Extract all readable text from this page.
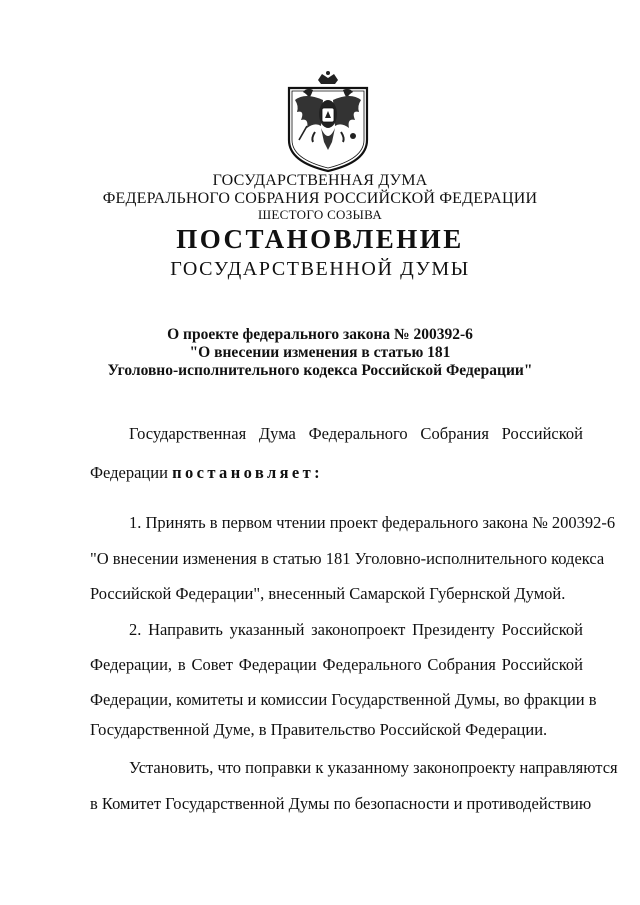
ГОСУДАРСТВЕННАЯ ДУМА
ФЕДЕРАЛЬНОГО СОБРАНИЯ РОССИЙСКОЙ ФЕДЕРАЦИИ
ШЕСТОГО СОЗЫВА
ПОСТАНОВЛЕНИЕ
ГОСУДАРСТВЕННОЙ ДУМЫ
О проекте федерального закона № 200392-6
"О внесении изменения в статью 181
Уголовно-исполнительного кодекса Российской Федерации"
Государственная Дума Федерального Собрания Российской
Федерации постановляет:
1. Принять в первом чтении проект федерального закона № 200392-6
"О внесении изменения в статью 181 Уголовно-исполнительного кодекса
Российской Федерации", внесенный Самарской Губернской Думой.
2. Направить указанный законопроект Президенту Российской
Федерации, в Совет Федерации Федерального Собрания Российской
Федерации, комитеты и комиссии Государственной Думы, во фракции в
Государственной Думе, в Правительство Российской Федерации.
Установить, что поправки к указанному законопроекту направляются
в Комитет Государственной Думы по безопасности и противодействию
